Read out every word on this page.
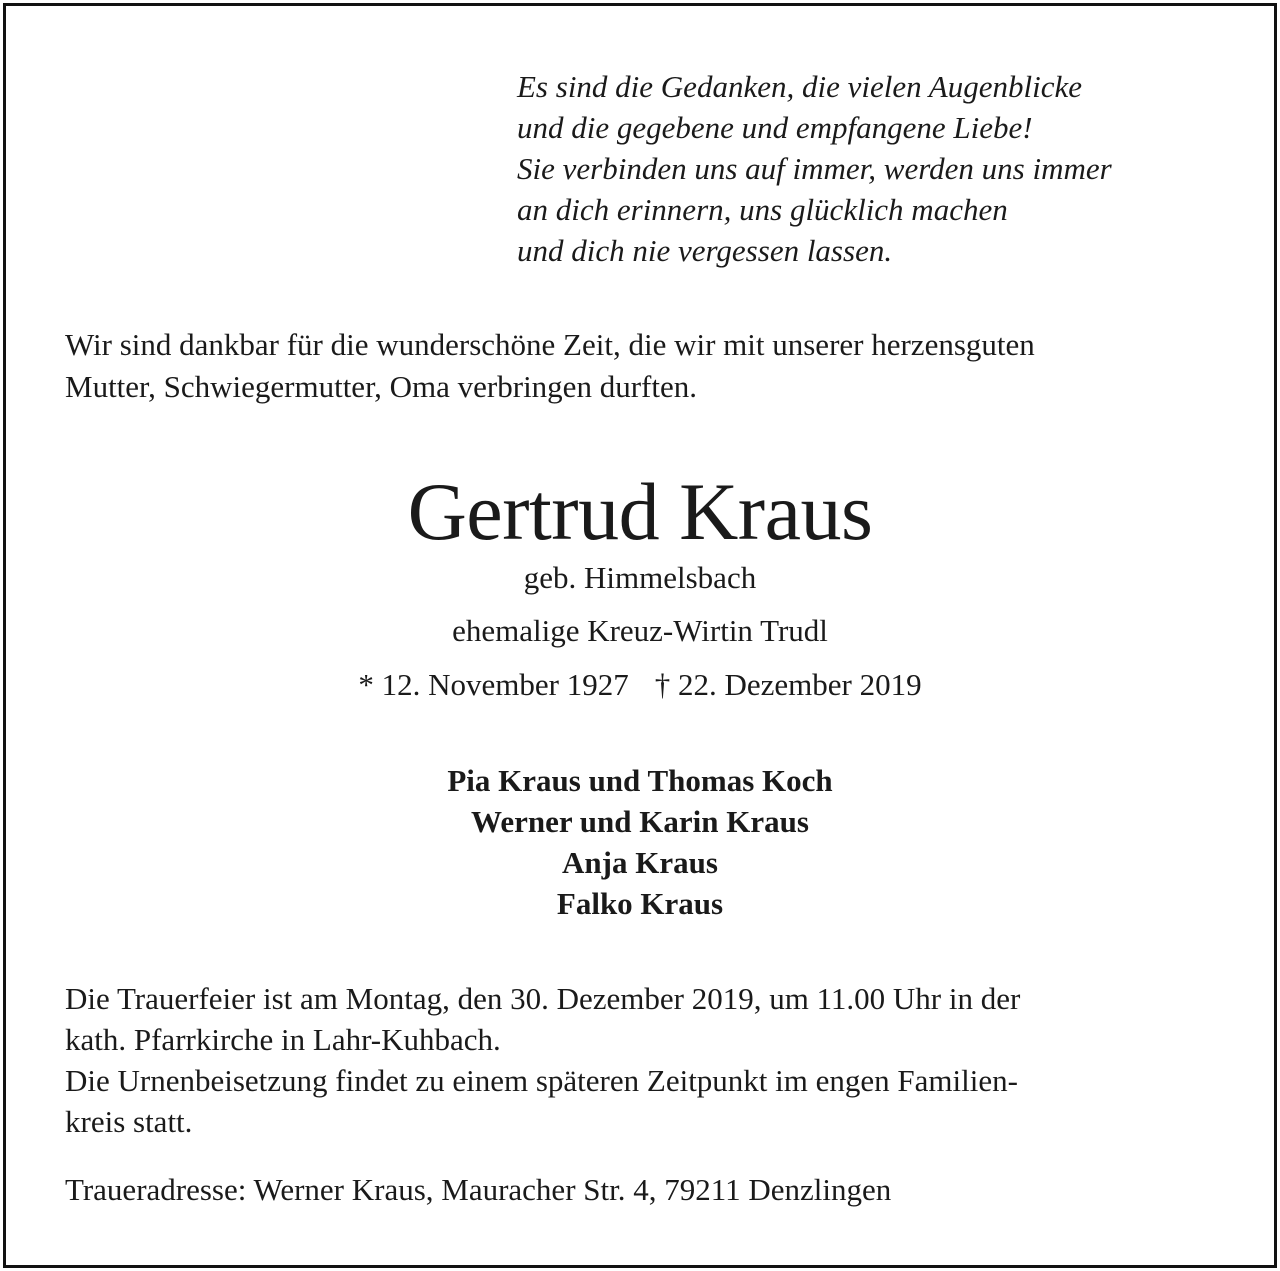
Es sind die Gedanken, die vielen Augenblicke
und die gegebene und empfangene Liebe!
Sie verbinden uns auf immer, werden uns immer
an dich erinnern, uns glücklich machen
und dich nie vergessen lassen.
Wir sind dankbar für die wunderschöne Zeit, die wir mit unserer herzensguten
Mutter, Schwiegermutter, Oma verbringen durften.
Gertrud Kraus
geb. Himmelsbach
ehemalige Kreuz-Wirtin Trudl
* 12. November 1927 † 22. Dezember 2019
Pia Kraus und Thomas Koch
Werner und Karin Kraus
Anja Kraus
Falko Kraus
Die Trauerfeier ist am Montag, den 30. Dezember 2019, um 11.00 Uhr in der
kath. Pfarrkirche in Lahr-Kuhbach.
Die Urnenbeisetzung findet zu einem späteren Zeitpunkt im engen Familien-
kreis statt.
Traueradresse: Werner Kraus, Mauracher Str. 4, 79211 Denzlingen
